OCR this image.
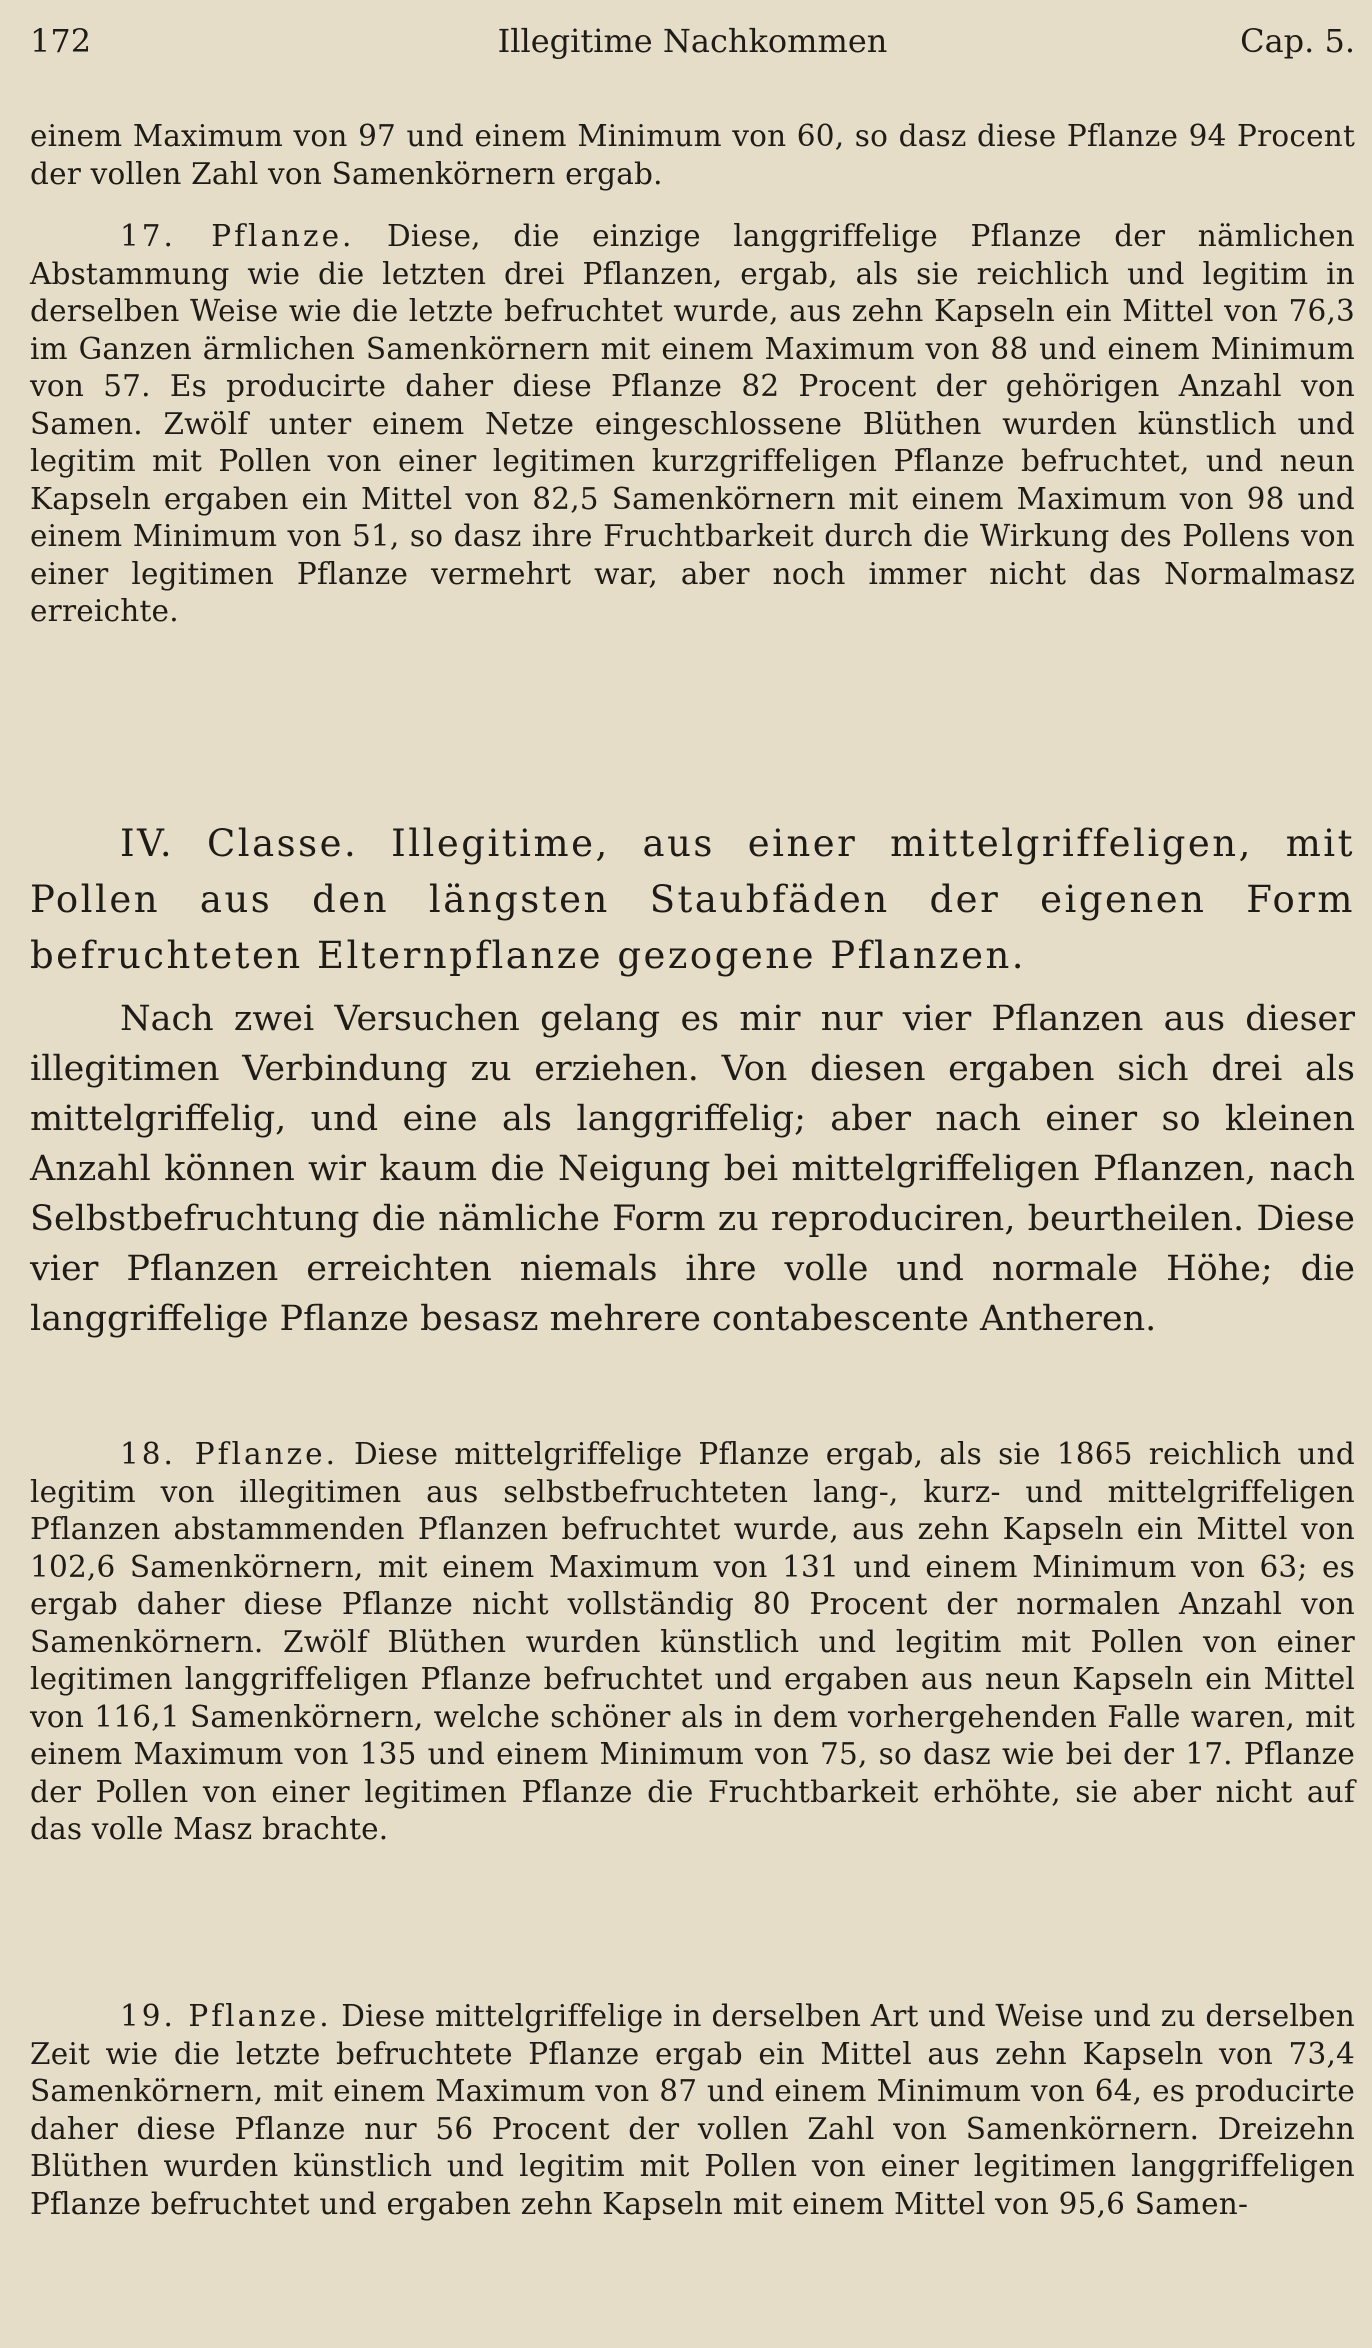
172	Illegitime Nachkommen	Cap. 5.

einem Maximum von 97 und einem Minimum von 60, so dasz diese Pflanze 94 Procent der vollen Zahl von Samenkörnern ergab.

17. Pflanze. Diese, die einzige langgriffelige Pflanze der nämlichen Abstammung wie die letzten drei Pflanzen, ergab, als sie reichlich und legitim in derselben Weise wie die letzte befruchtet wurde, aus zehn Kapseln ein Mittel von 76,3 im Ganzen ärmlichen Samenkörnern mit einem Maximum von 88 und einem Minimum von 57. Es producirte daher diese Pflanze 82 Procent der gehörigen Anzahl von Samen. Zwölf unter einem Netze eingeschlossene Blüthen wurden künstlich und legitim mit Pollen von einer legitimen kurzgriffeligen Pflanze befruchtet, und neun Kapseln ergaben ein Mittel von 82,5 Samenkörnern mit einem Maximum von 98 und einem Minimum von 51, so dasz ihre Fruchtbarkeit durch die Wirkung des Pollens von einer legitimen Pflanze vermehrt war, aber noch immer nicht das Normalmasz erreichte.

IV. Classe. Illegitime, aus einer mittelgriffeligen, mit Pollen aus den längsten Staubfäden der eigenen Form befruchteten Elternpflanze gezogene Pflanzen.

Nach zwei Versuchen gelang es mir nur vier Pflanzen aus dieser illegitimen Verbindung zu erziehen. Von diesen ergaben sich drei als mittelgriffelig, und eine als langgriffelig; aber nach einer so kleinen Anzahl können wir kaum die Neigung bei mittelgriffeligen Pflanzen, nach Selbstbefruchtung die nämliche Form zu reproduciren, beurtheilen. Diese vier Pflanzen erreichten niemals ihre volle und normale Höhe; die langgriffelige Pflanze besasz mehrere contabescente Antheren.

18. Pflanze. Diese mittelgriffelige Pflanze ergab, als sie 1865 reichlich und legitim von illegitimen aus selbstbefruchteten lang-, kurz- und mittelgriffeligen Pflanzen abstammenden Pflanzen befruchtet wurde, aus zehn Kapseln ein Mittel von 102,6 Samenkörnern, mit einem Maximum von 131 und einem Minimum von 63; es ergab daher diese Pflanze nicht vollständig 80 Procent der normalen Anzahl von Samenkörnern. Zwölf Blüthen wurden künstlich und legitim mit Pollen von einer legitimen langgriffeligen Pflanze befruchtet und ergaben aus neun Kapseln ein Mittel von 116,1 Samenkörnern, welche schöner als in dem vorhergehenden Falle waren, mit einem Maximum von 135 und einem Minimum von 75, so dasz wie bei der 17. Pflanze der Pollen von einer legitimen Pflanze die Fruchtbarkeit erhöhte, sie aber nicht auf das volle Masz brachte.

19. Pflanze. Diese mittelgriffelige in derselben Art und Weise und zu derselben Zeit wie die letzte befruchtete Pflanze ergab ein Mittel aus zehn Kapseln von 73,4 Samenkörnern, mit einem Maximum von 87 und einem Minimum von 64, es producirte daher diese Pflanze nur 56 Procent der vollen Zahl von Samenkörnern. Dreizehn Blüthen wurden künstlich und legitim mit Pollen von einer legitimen langgriffeligen Pflanze befruchtet und ergaben zehn Kapseln mit einem Mittel von 95,6 Samen-
